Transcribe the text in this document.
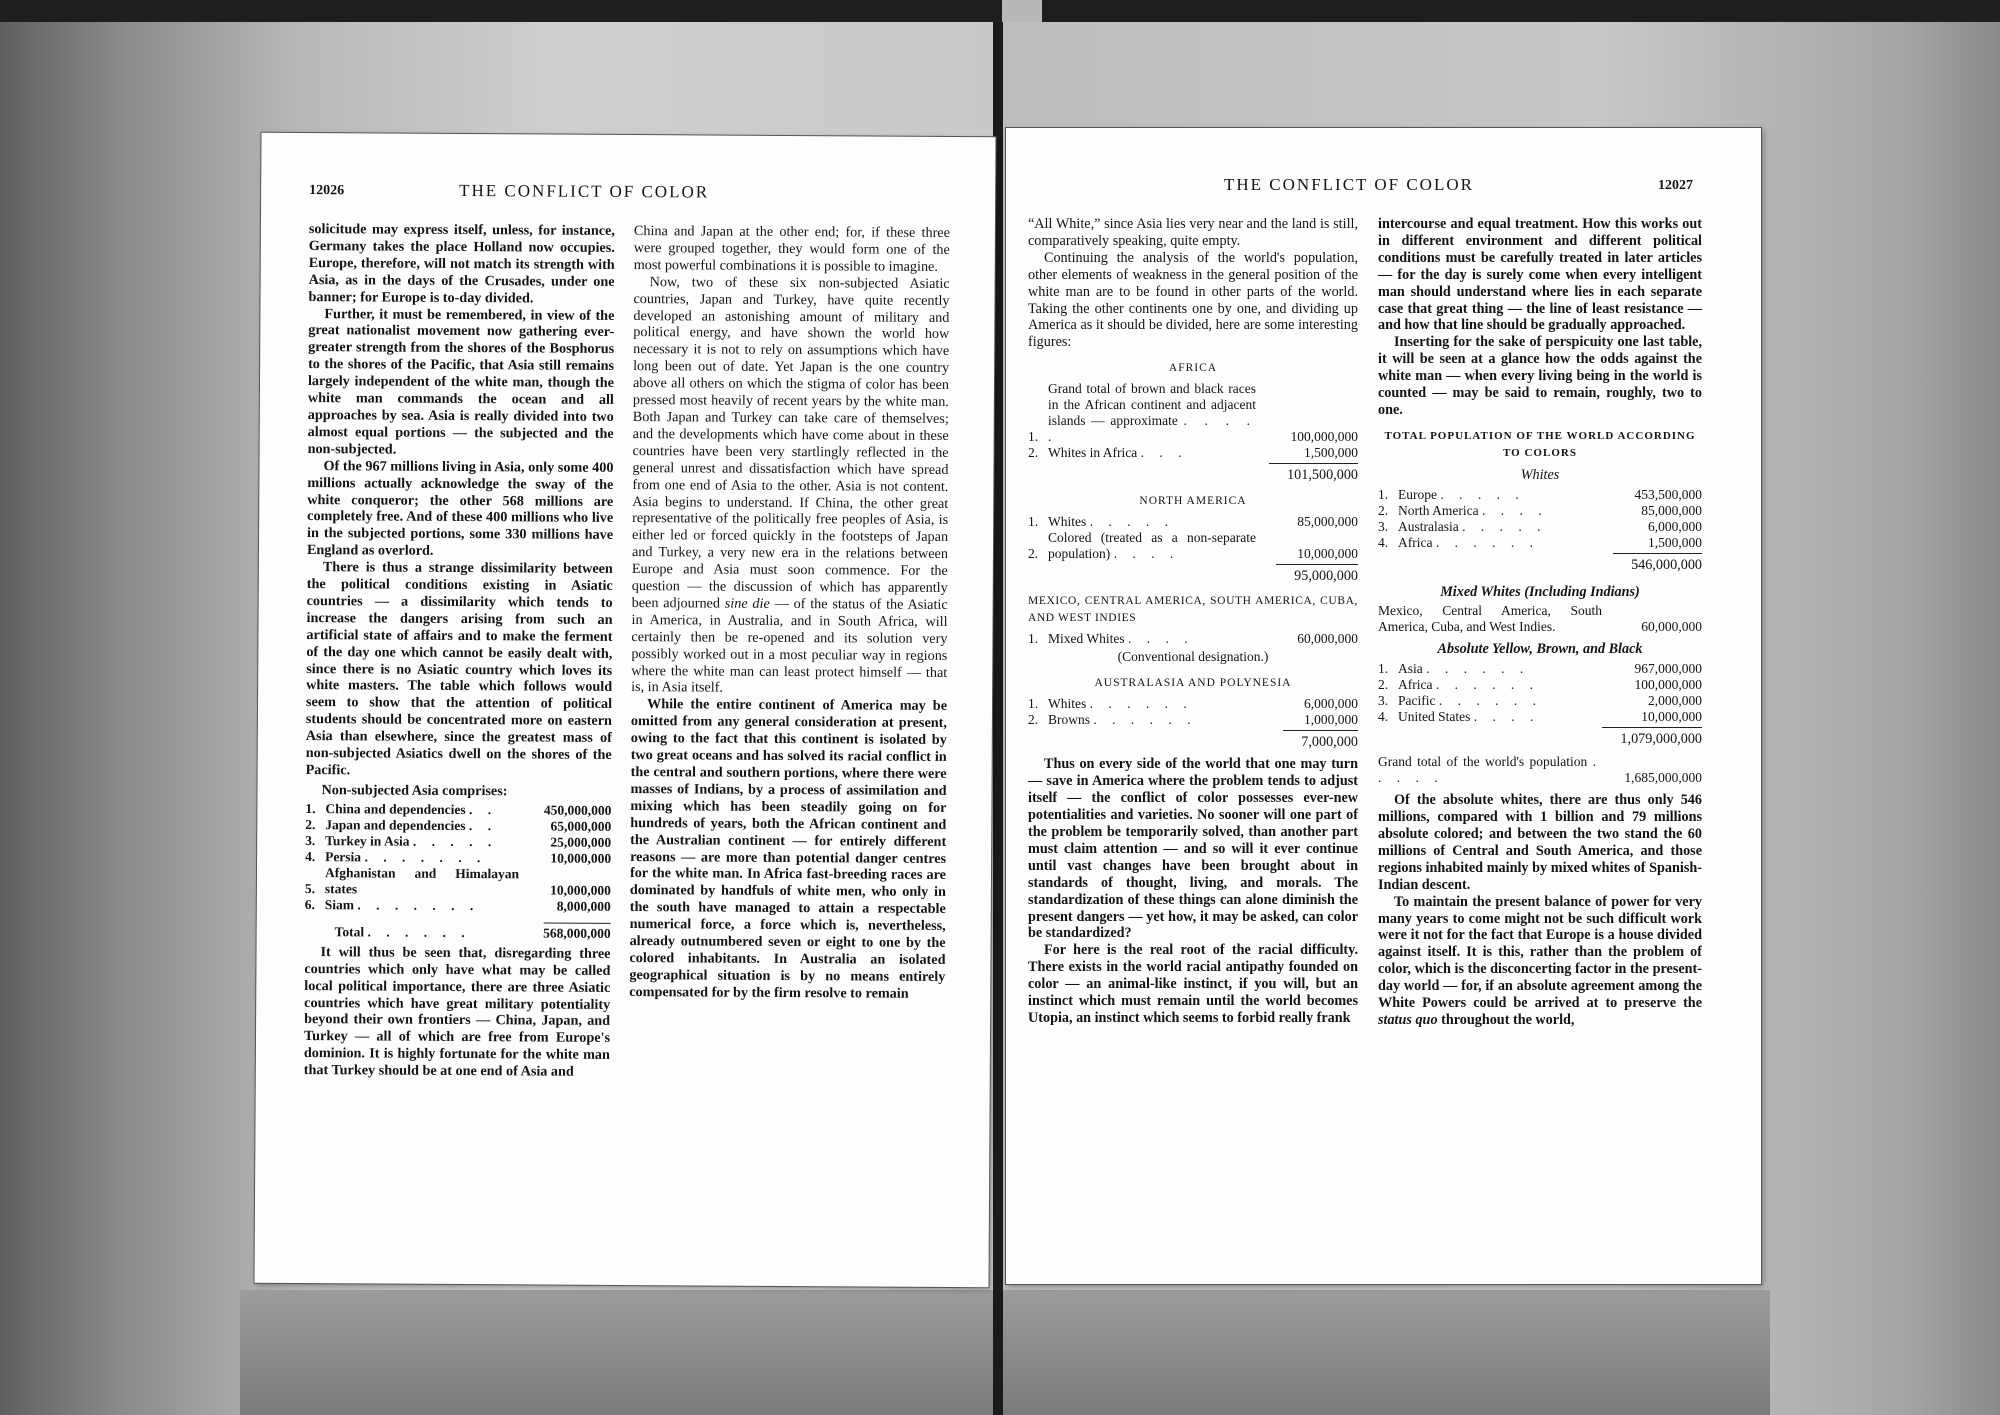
12026	THE CONFLICT OF COLOR

solicitude may express itself, unless, for instance, Germany takes the place Holland now occupies. Europe, therefore, will not match its strength with Asia, as in the days of the Crusades, under one banner; for Europe is to-day divided.

Further, it must be remembered, in view of the great nationalist movement now gathering ever-greater strength from the shores of the Bosphorus to the shores of the Pacific, that Asia still remains largely independent of the white man, though the white man commands the ocean and all approaches by sea. Asia is really divided into two almost equal portions — the subjected and the non-subjected.

Of the 967 millions living in Asia, only some 400 millions actually acknowledge the sway of the white conqueror; the other 568 millions are completely free. And of these 400 millions who live in the subjected portions, some 330 millions have England as overlord.

There is thus a strange dissimilarity between the political conditions existing in Asiatic countries — a dissimilarity which tends to increase the dangers arising from such an artificial state of affairs and to make the ferment of the day one which cannot be easily dealt with, since there is no Asiatic country which loves its white masters. The table which follows would seem to show that the attention of political students should be concentrated more on eastern Asia than elsewhere, since the greatest mass of non-subjected Asiatics dwell on the shores of the Pacific.

Non-subjected Asia comprises:

1.	China and dependencies . .	450,000,000
2.	Japan and dependencies . .	65,000,000
3.	Turkey in Asia . . . . .	25,000,000
4.	Persia . . . . . . .	10,000,000
5.	Afghanistan and Himalayan states	10,000,000
6.	Siam . . . . . . .	8,000,000
	Total . . . . . .	568,000,000

It will thus be seen that, disregarding three countries which only have what may be called local political importance, there are three Asiatic countries which have great military potentiality beyond their own frontiers — China, Japan, and Turkey — all of which are free from Europe's dominion. It is highly fortunate for the white man that Turkey should be at one end of Asia and

China and Japan at the other end; for, if these three were grouped together, they would form one of the most powerful combinations it is possible to imagine.

Now, two of these six non-subjected Asiatic countries, Japan and Turkey, have quite recently developed an astonishing amount of military and political energy, and have shown the world how necessary it is not to rely on assumptions which have long been out of date. Yet Japan is the one country above all others on which the stigma of color has been pressed most heavily of recent years by the white man. Both Japan and Turkey can take care of themselves; and the developments which have come about in these countries have been very startlingly reflected in the general unrest and dissatisfaction which have spread from one end of Asia to the other. Asia is not content. Asia begins to understand. If China, the other great representative of the politically free peoples of Asia, is either led or forced quickly in the footsteps of Japan and Turkey, a very new era in the relations between Europe and Asia must soon commence. For the question — the discussion of which has apparently been adjourned sine die — of the status of the Asiatic in America, in Australia, and in South Africa, will certainly then be re-opened and its solution very possibly worked out in a most peculiar way in regions where the white man can least protect himself — that is, in Asia itself.

While the entire continent of America may be omitted from any general consideration at present, owing to the fact that this continent is isolated by two great oceans and has solved its racial conflict in the central and southern portions, where there were masses of Indians, by a process of assimilation and mixing which has been steadily going on for hundreds of years, both the African continent and the Australian continent — for entirely different reasons — are more than potential danger centres for the white man. In Africa fast-breeding races are dominated by handfuls of white men, who only in the south have managed to attain a respectable numerical force, a force which is, nevertheless, already outnumbered seven or eight to one by the colored inhabitants. In Australia an isolated geographical situation is by no means entirely compensated for by the firm resolve to remain

THE CONFLICT OF COLOR	12027

“All White,” since Asia lies very near and the land is still, comparatively speaking, quite empty.

Continuing the analysis of the world's population, other elements of weakness in the general position of the white man are to be found in other parts of the world. Taking the other continents one by one, and dividing up America as it should be divided, here are some interesting figures:

AFRICA
1.	Grand total of brown and black races in the African continent and adjacent islands — approximate . . . . .	100,000,000
2.	Whites in Africa . . .	1,500,000
101,500,000
NORTH AMERICA
1.	Whites . . . . .	85,000,000
2.	Colored (treated as a non-separate population) . . . .	10,000,000
95,000,000
MEXICO, CENTRAL AMERICA, SOUTH AMERICA, CUBA, AND WEST INDIES
1.	Mixed Whites . . . .	60,000,000
(Conventional designation.)
AUSTRALASIA AND POLYNESIA
1.	Whites . . . . . .	6,000,000
2.	Browns . . . . . .	1,000,000
7,000,000

Thus on every side of the world that one may turn — save in America where the problem tends to adjust itself — the conflict of color possesses ever-new potentialities and varieties. No sooner will one part of the problem be temporarily solved, than another part must claim attention — and so will it ever continue until vast changes have been brought about in standards of thought, living, and morals. The standardization of these things can alone diminish the present dangers — yet how, it may be asked, can color be standardized?

For here is the real root of the racial difficulty. There exists in the world racial antipathy founded on color — an animal-like instinct, if you will, but an instinct which must remain until the world becomes Utopia, an instinct which seems to forbid really frank

intercourse and equal treatment. How this works out in different environment and different political conditions must be carefully treated in later articles — for the day is surely come when every intelligent man should understand where lies in each separate case that great thing — the line of least resistance — and how that line should be gradually approached.

Inserting for the sake of perspicuity one last table, it will be seen at a glance how the odds against the white man — when every living being in the world is counted — may be said to remain, roughly, two to one.

TOTAL POPULATION OF THE WORLD ACCORDING TO COLORS
Whites
1.	Europe . . . . .	453,500,000
2.	North America . . . .	85,000,000
3.	Australasia . . . . .	6,000,000
4.	Africa . . . . . .	1,500,000
546,000,000
Mixed Whites (Including Indians)
Mexico, Central America, South America, Cuba, and West Indies.	60,000,000
Absolute Yellow, Brown, and Black
1.	Asia . . . . . .	967,000,000
2.	Africa . . . . . .	100,000,000
3.	Pacific . . . . . .	2,000,000
4.	United States . . . .	10,000,000
1,079,000,000
Grand total of the world's population . . . . .	1,685,000,000

Of the absolute whites, there are thus only 546 millions, compared with 1 billion and 79 millions absolute colored; and between the two stand the 60 millions of Central and South America, and those regions inhabited mainly by mixed whites of Spanish-Indian descent.

To maintain the present balance of power for very many years to come might not be such difficult work were it not for the fact that Europe is a house divided against itself. It is this, rather than the problem of color, which is the disconcerting factor in the present-day world — for, if an absolute agreement among the White Powers could be arrived at to preserve the status quo throughout the world,
